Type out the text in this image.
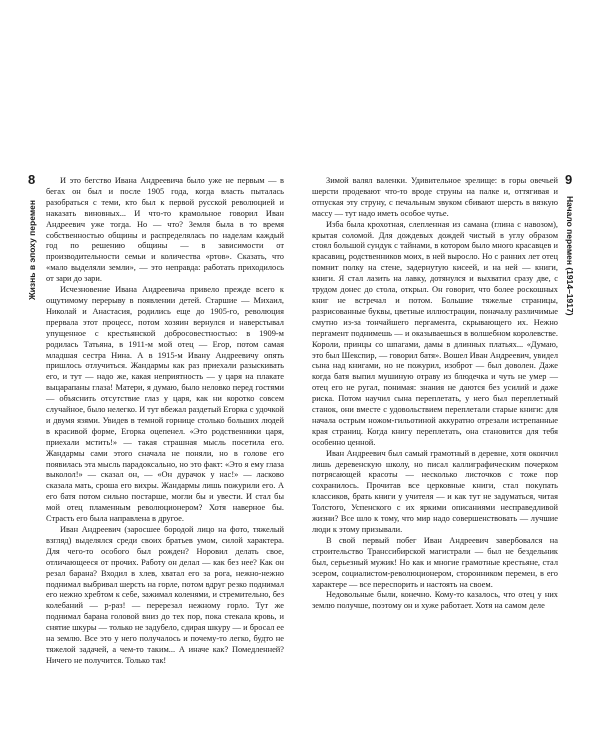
8
Жизнь в эпоху перемен

И это бегство Ивана Андреевича было уже не первым — в бегах он был и после 1905 года, когда власть пыталась разобраться с теми, кто был к первой русской революцией и наказать виновных... И что-то крамольное говорил Иван Андреевич уже тогда. Но — что? Земля была в то время собственностью общины и распределялась по наделам каждый год по решению общины — в зависимости от производительности семьи и количества «ртов». Сказать, что «мало выделяли земли», — это неправда: работать приходилось от зари до зари.

Исчезновение Ивана Андреевича привело прежде всего к ощутимому перерыву в появлении детей. Старшие — Михаил, Николай и Анастасия, родились еще до 1905-го, революция прервала этот процесс, потом хозяин вернулся и наверстывал упущенное с крестьянской добросовестностью: в 1909-м родилась Татьяна, в 1911-м мой отец — Егор, потом самая младшая сестра Нина. А в 1915-м Ивану Андреевичу опять пришлось отлучиться. Жандармы как раз приехали разыскивать его, и тут — надо же, какая неприятность — у царя на плакате выцарапаны глаза! Матери, я думаю, было неловко перед гостями — объяснить отсутствие глаз у царя, как ни коротко совсем случайное, было нелегко. И тут вбежал раздетый Егорка с удочкой и двумя язями. Увидев в темной горнице столько больших людей в красивой форме, Егорка оцепенел. «Это родственники царя, приехали мстить!» — такая страшная мысль посетила его. Жандармы сами этого сначала не поняли, но в голове его появилась эта мысль парадоксально, но это факт: «Это я ему глаза выколол!» — сказал он, — «Он дурачок у нас!» — ласково сказала мать, сроша его вихры. Жандармы лишь пожурили его. А его батя потом сильно постарше, могли бы и увести. И стал бы мой отец пламенным революционером? Хотя наверное бы. Страсть его была направлена в другое.

Иван Андреевич (заросшее бородой лицо на фото, тяжелый взгляд) выделялся среди своих братьев умом, силой характера. Для чего-то особого был рожден? Норовил делать свое, отличающееся от прочих. Работу он делал — как без нее? Как он резал барана? Входил в хлев, хватал его за рога, нежно-нежно поднимал выбривал шерсть на горле, потом вдруг резко поднимал его нежно хребтом к себе, зажимал коленями, и стремительно, без колебаний — р-раз! — перерезал нежному горло. Тут же поднимал барана головой вниз до тех пор, пока стекала кровь, и снятие шкуры — только не задубело, сдирая шкуру — и бросал ее на землю. Все это у него получалось и почему-то легко, будто не тяжелой задачей, а чем-то таким... А иначе как? Помедленней? Ничего не получится. Только так!

9
Начало перемен (1914–1917)

Зимой валял валенки. Удивительное зрелище: в горы овечьей шерсти продевают что-то вроде струны на палке и, оттягивая и отпуская эту струну, с печальным звуком сбивают шерсть в вязкую массу — тут надо иметь особое чутье.

Изба была крохотная, слепленная из самана (глина с навозом), крытая соломой. Для дождевых дождей чистый в углу образом стоял большой сундук с тайнами, в котором было много красавцев и красавиц, родственников моих, в ней выросло. Но с ранних лет отец помнит полку на стене, задернутую кисеей, и на ней — книги, книги. Я стал лазить на лавку, дотянулся и выхватил сразу две, с трудом донес до стола, открыл. Он говорит, что более роскошных книг не встречал и потом. Большие тяжелые страницы, разрисованные буквы, цветные иллюстрации, поначалу различимые смутно из-за тончайшего пергамента, скрывающего их. Нежно пергамент поднимешь — и оказываешься в волшебном королевстве. Короли, принцы со шпагами, дамы в длинных платьях... «Думаю, это был Шекспир, — говорил батя». Вошел Иван Андреевич, увидел сына над книгами, но не пожурил, изоброт — был доволен. Даже когда батя выпил мушиную отраву из блюдечка и чуть не умер — отец его не ругал, понимая: знания не даются без усилий и даже риска. Потом научил сына переплетать, у него был переплетный станок, они вместе с удовольствием переплетали старые книги: для начала острым ножом-гильотиной аккуратно отрезали истрепанные края страниц. Когда книгу переплетать, она становится для тебя особенно ценной.

Иван Андреевич был самый грамотный в деревне, хотя окончил лишь деревенскую школу, но писал каллиграфическим почерком потрясающей красоты — несколько листочков с тоже пор сохранилось. Прочитав все церковные книги, стал покупать классиков, брать книги у учителя — и как тут не задуматься, читая Толстого, Успенского с их яркими описаниями несправедливой жизни? Все шло к тому, что мир надо совершенствовать — лучшие люди к этому призывали.

В свой первый побег Иван Андреевич завербовался на строительство Транссибирской магистрали — был не бездельник был, серьезный мужик! Но как и многие грамотные крестьяне, стал эсером, социалистом-революционером, сторонником перемен, в его характере — все переспорить и настоять на своем.

Недовольные были, конечно. Кому-то казалось, что отец у них землю получше, поэтому он и хуже работает. Хотя на самом деле
